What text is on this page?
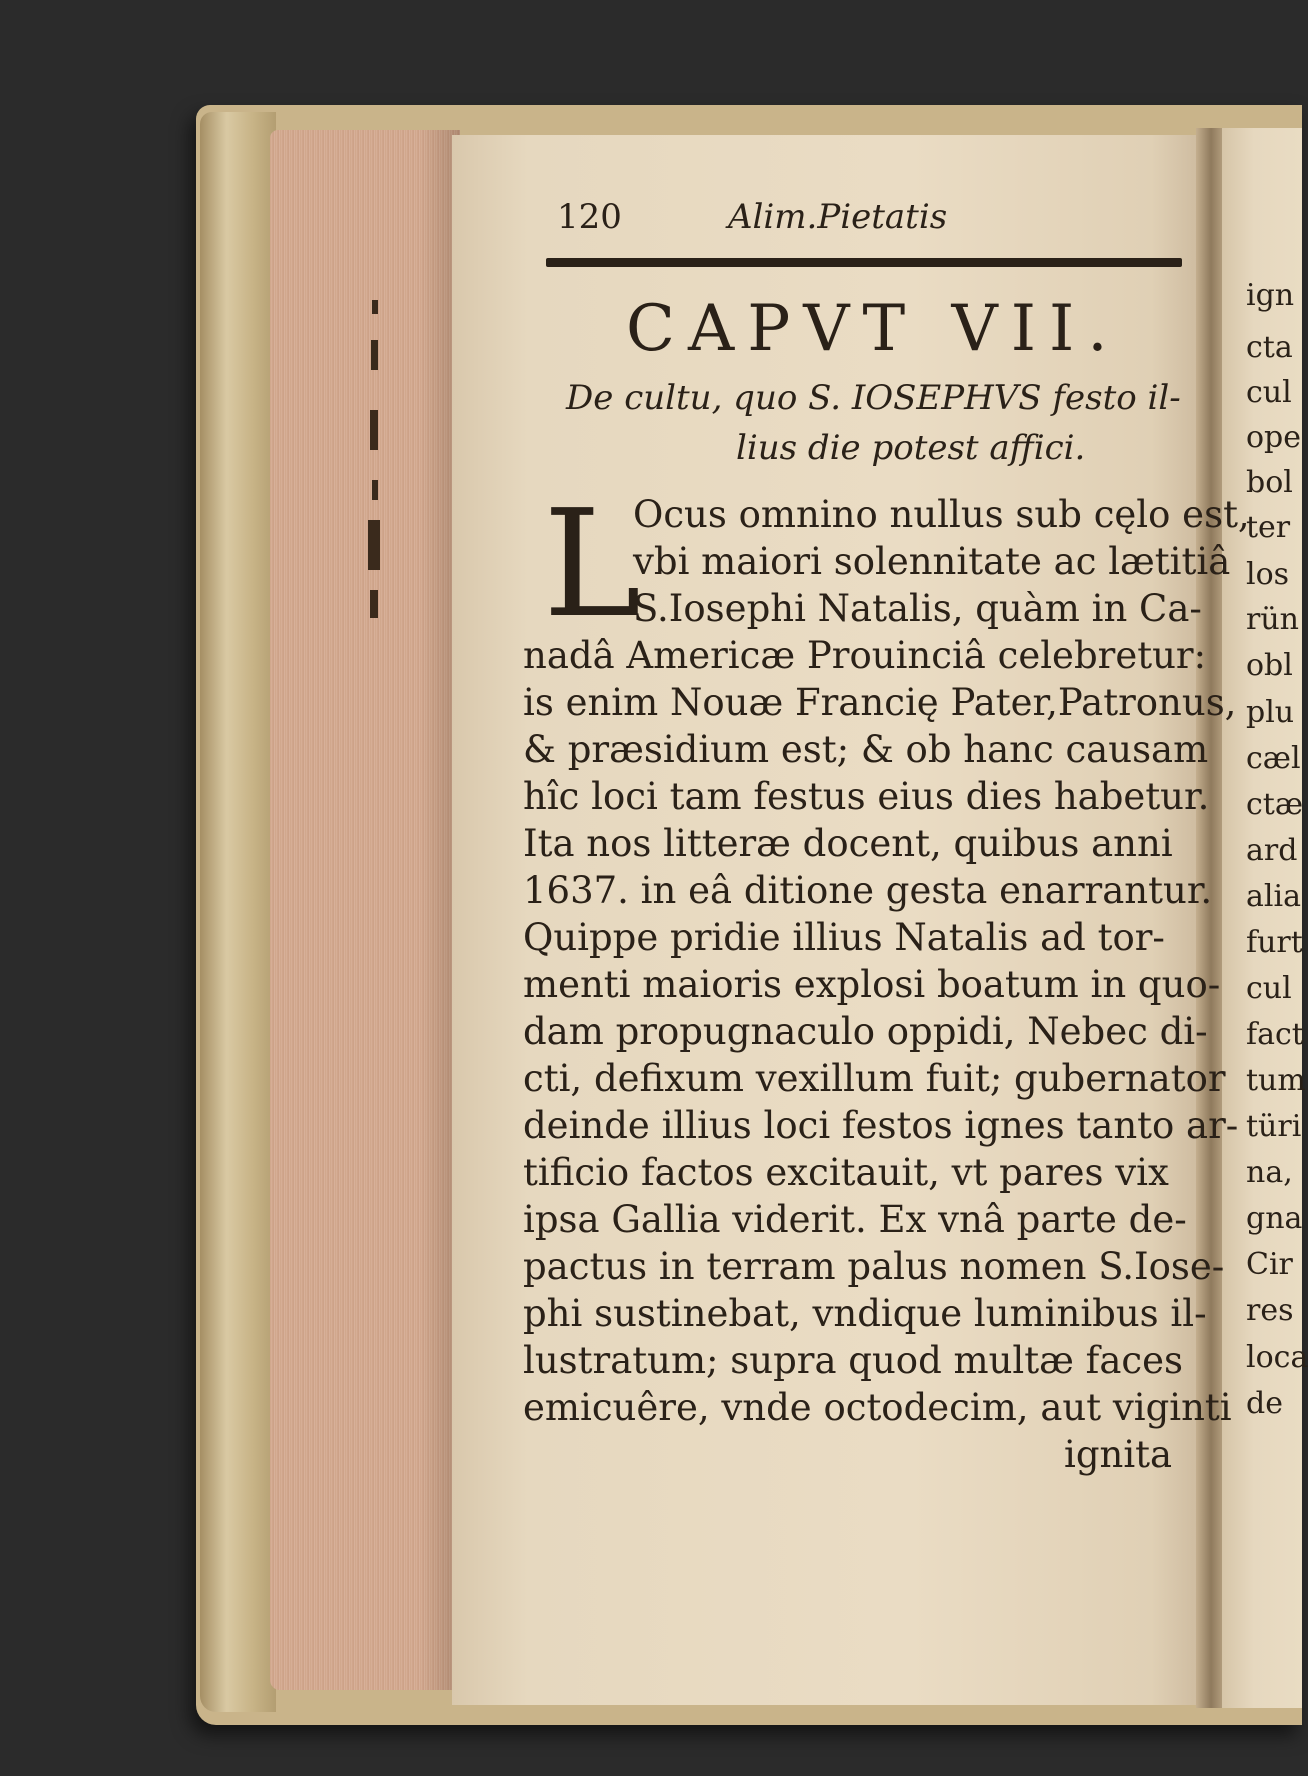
120	Alim.Pietatis
CAPVT VII.
De cultu, quo S. IOSEPHVS festo il-
lius die potest affici.
L
Ocus omnino nullus sub cęlo est,
vbi maiori solennitate ac lætitiâ
S.Iosephi Natalis, quàm in Ca-
nadâ Americæ Prouinciâ celebretur:
is enim Nouæ Francię Pater,Patronus,
& præsidium est; & ob hanc causam
hîc loci tam festus eius dies habetur.
Ita nos litteræ docent, quibus anni
1637. in eâ ditione gesta enarrantur.
Quippe pridie illius Natalis ad tor-
menti maioris explosi boatum in quo-
dam propugnaculo oppidi, Nebec di-
cti, defixum vexillum fuit; gubernator
deinde illius loci festos ignes tanto ar-
tificio factos excitauit, vt pares vix
ipsa Gallia viderit. Ex vnâ parte de-
pactus in terram palus nomen S.Iose-
phi sustinebat, vndique luminibus il-
lustratum; supra quod multæ faces
emicuêre, vnde octodecim, aut viginti
ignita
ign
cta
cul
ope
bol
ter
los
rün
obl
plu
cæl
ctæ
ard
alia
furt
cul
fact
tum
türi
na,
gna
Cir
res
loca
de
